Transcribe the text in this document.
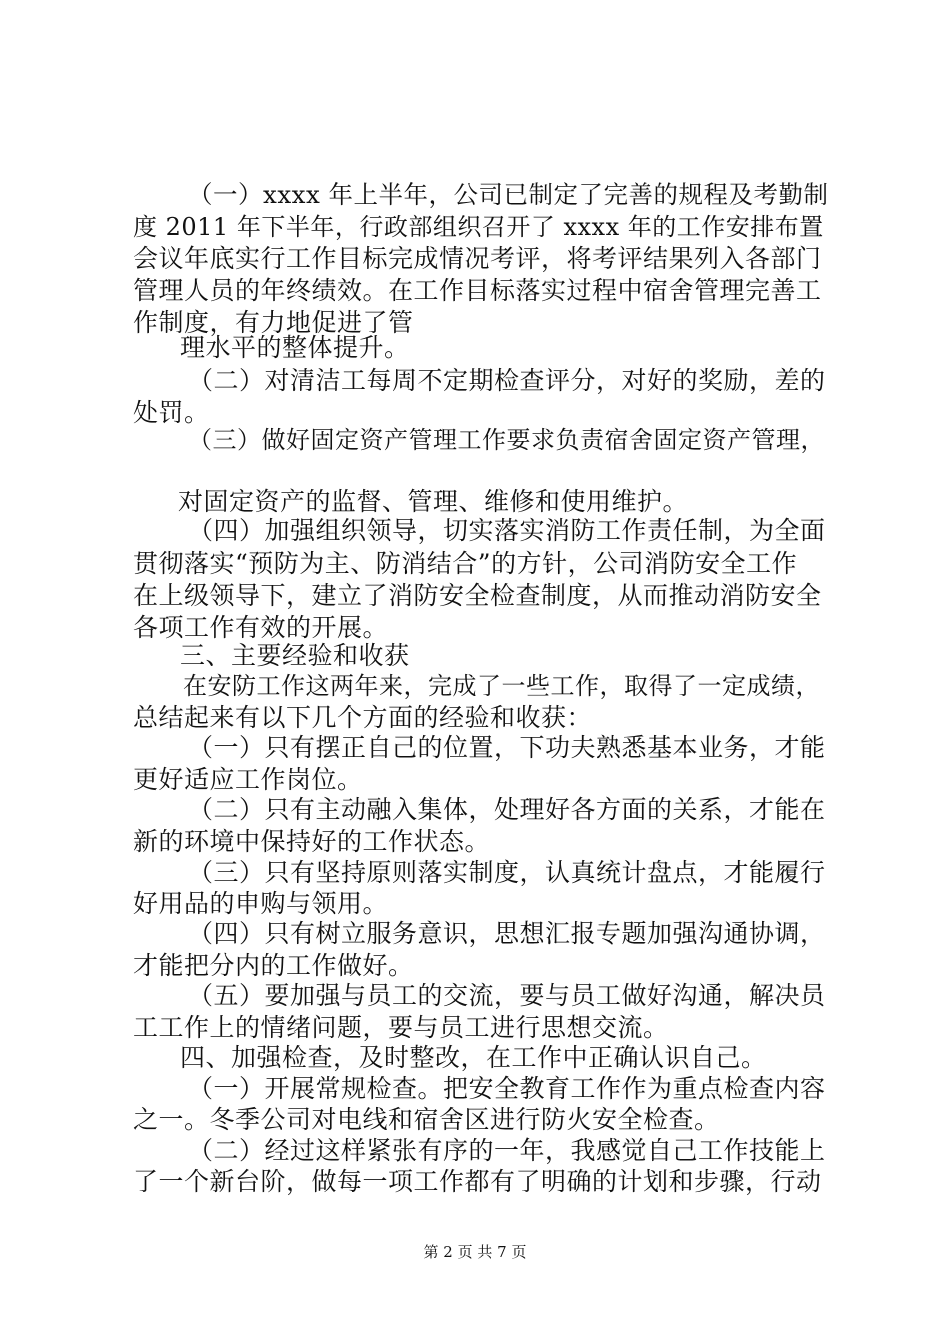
（一）xxxx 年上半年，公司已制定了完善的规程及考勤制
度 2011 年下半年，行政部组织召开了 xxxx 年的工作安排布置
会议年底实行工作目标完成情况考评，将考评结果列入各部门
管理人员的年终绩效。在工作目标落实过程中宿舍管理完善工
作制度，有力地促进了管
理水平的整体提升。
（二）对清洁工每周不定期检查评分，对好的奖励，差的
处罚。
（三）做好固定资产管理工作要求负责宿舍固定资产管理，
对固定资产的监督、管理、维修和使用维护。
（四）加强组织领导，切实落实消防工作责任制，为全面
贯彻落实“预防为主、防消结合”的方针，公司消防安全工作
在上级领导下，建立了消防安全检查制度，从而推动消防安全
各项工作有效的开展。
三、主要经验和收获
在安防工作这两年来，完成了一些工作，取得了一定成绩，
总结起来有以下几个方面的经验和收获：
（一）只有摆正自己的位置，下功夫熟悉基本业务，才能
更好适应工作岗位。
（二）只有主动融入集体，处理好各方面的关系，才能在
新的环境中保持好的工作状态。
（三）只有坚持原则落实制度，认真统计盘点，才能履行
好用品的申购与领用。
（四）只有树立服务意识，思想汇报专题加强沟通协调，
才能把分内的工作做好。
（五）要加强与员工的交流，要与员工做好沟通，解决员
工工作上的情绪问题，要与员工进行思想交流。
四、加强检查，及时整改，在工作中正确认识自己。
（一）开展常规检查。把安全教育工作作为重点检查内容
之一。冬季公司对电线和宿舍区进行防火安全检查。
（二）经过这样紧张有序的一年，我感觉自己工作技能上
了一个新台阶，做每一项工作都有了明确的计划和步骤，行动
第 2 页 共 7 页
